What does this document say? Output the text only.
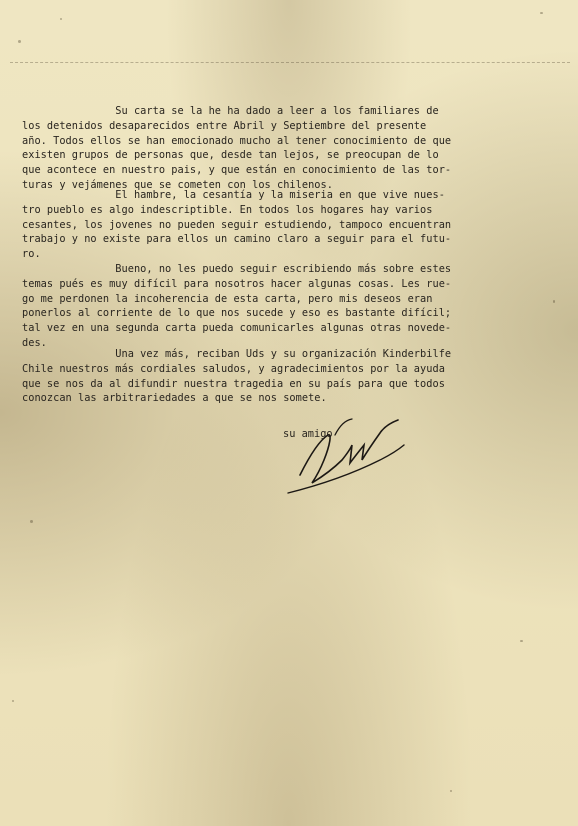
Su carta se la he ha dado a leer a los familiares de
los detenidos desaparecidos entre Abril y Septiembre del presente
año. Todos ellos se han emocionado mucho al tener conocimiento de que
existen grupos de personas que, desde tan lejos, se preocupan de lo
que acontece en nuestro pais, y que están en conocimiento de las tor-
turas y vejámenes que se cometen con los chilenos.

El hambre, la cesantía y la miseria en que vive nues-
tro pueblo es algo indescriptible. En todos los hogares hay varios
cesantes, los jovenes no pueden seguir estudiendo, tampoco encuentran
trabajo y no existe para ellos un camino claro a seguir para el futu-
ro.

Bueno, no les puedo seguir escribiendo más sobre estes
temas pués es muy difícil para nosotros hacer algunas cosas. Les rue-
go me perdonen la incoherencia de esta carta, pero mis deseos eran
ponerlos al corriente de lo que nos sucede y eso es bastante difícil;
tal vez en una segunda carta pueda comunicarles algunas otras novede-
des.

Una vez más, reciban Uds y su organización Kinderbilfe
Chile nuestros más cordiales saludos, y agradecimientos por la ayuda
que se nos da al difundir nuestra tragedia en su país para que todos
conozcan las arbitrariedades a que se nos somete.

su amigo
